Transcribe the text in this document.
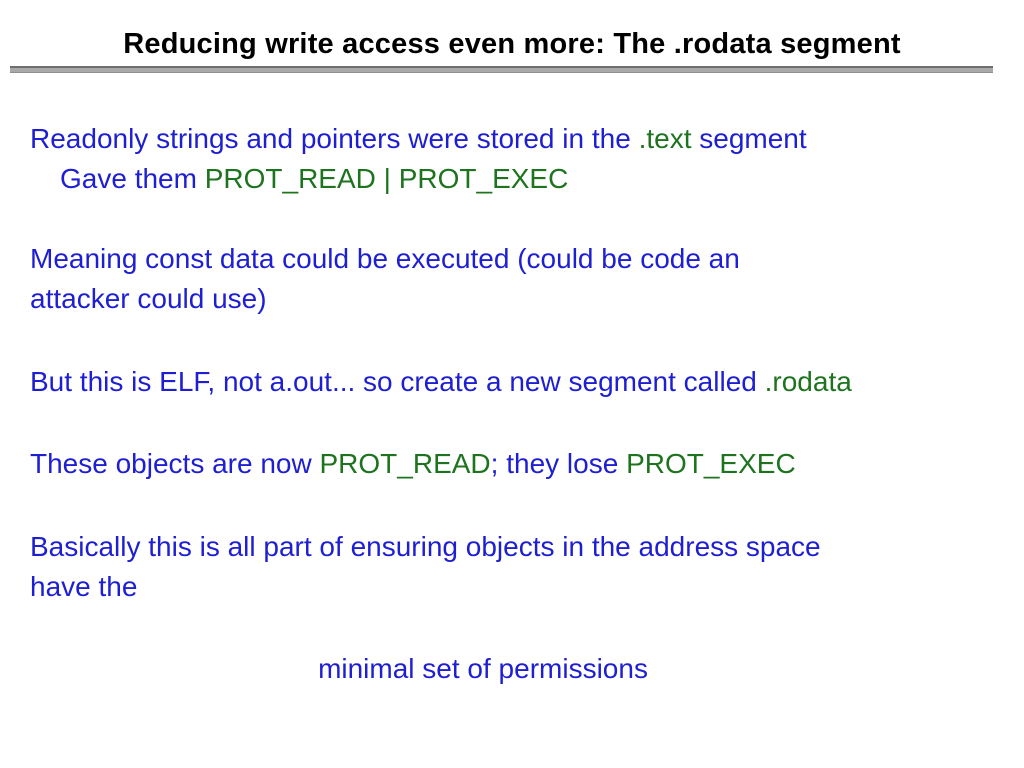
Reducing write access even more: The .rodata segment
Readonly strings and pointers were stored in the .text segment
Gave them PROT_READ | PROT_EXEC
Meaning const data could be executed (could be code an
attacker could use)
But this is ELF, not a.out... so create a new segment called .rodata
These objects are now PROT_READ; they lose PROT_EXEC
Basically this is all part of ensuring objects in the address space
have the
minimal set of permissions
